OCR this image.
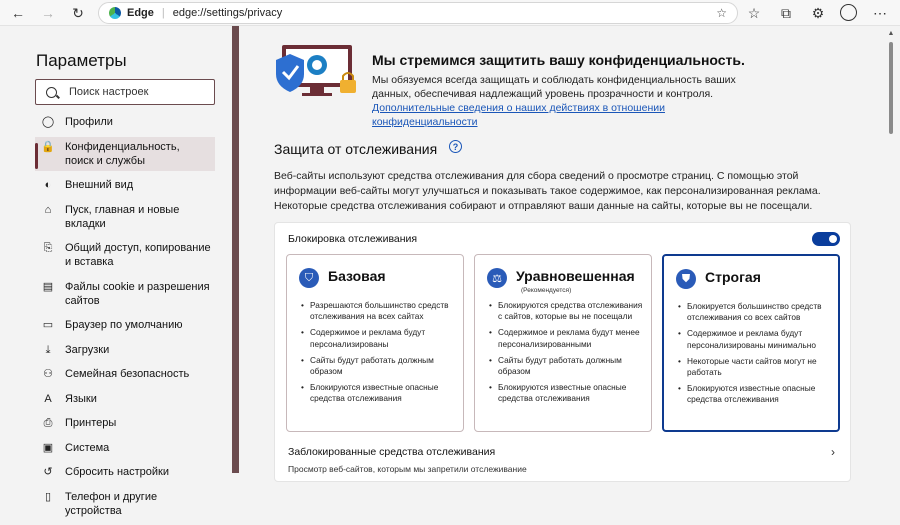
← → ↻	Edge | edge://settings/privacy	☆ ☆	⧉	⚙	⋯
Параметры
Поиск настроек
◯ Профили
🔒 Конфиденциальность, поиск и службы
◐	Внешний вид
⌂	Пуск, главная и новые вкладки
⎘ Общий доступ, копирование и вставка
▤ Файлы cookie и разрешения сайтов
▭ Браузер по умолчанию
⤓	Загрузки
⚇ Семейная безопасность
A	Языки
⎙ Принтеры
▣ Система
↺ Сбросить настройки
▯	Телефон и другие устройства
Мы стремимся защитить вашу конфиденциальность.
Мы обязуемся всегда защищать и соблюдать конфиденциальность ваших данных, обеспечивая надлежащий уровень прозрачности и контроля. Дополнительные сведения о наших действиях в отношении конфиденциальности
Защита от отслеживания	?
Веб-сайты используют средства отслеживания для сбора сведений о просмотре страниц. С помощью этой информации веб-сайты могут улучшаться и показывать такое содержимое, как персонализированная реклама. Некоторые средства отслеживания собирают и отправляют ваши данные на сайты, которые вы не посещали.
Блокировка отслеживания
⛉	Базовая
• Разрешаются большинство средств отслеживания на всех сайтах
• Содержимое и реклама будут персонализированы
• Сайты будут работать должным образом
• Блокируются известные опасные средства отслеживания
⚖	Уравновешенная
(Рекомендуется)
• Блокируются средства отслеживания с сайтов, которые вы не посещали
• Содержимое и реклама будут менее персонализированными
• Сайты будут работать должным образом
• Блокируются известные опасные средства отслеживания
⛊	Строгая
• Блокируется большинство средств отслеживания со всех сайтов
• Содержимое и реклама будут персонализированы минимально
• Некоторые части сайтов могут не работать
• Блокируются известные опасные средства отслеживания
Заблокированные средства отслеживания
Просмотр веб-сайтов, которым мы запретили отслеживание
›
▲
